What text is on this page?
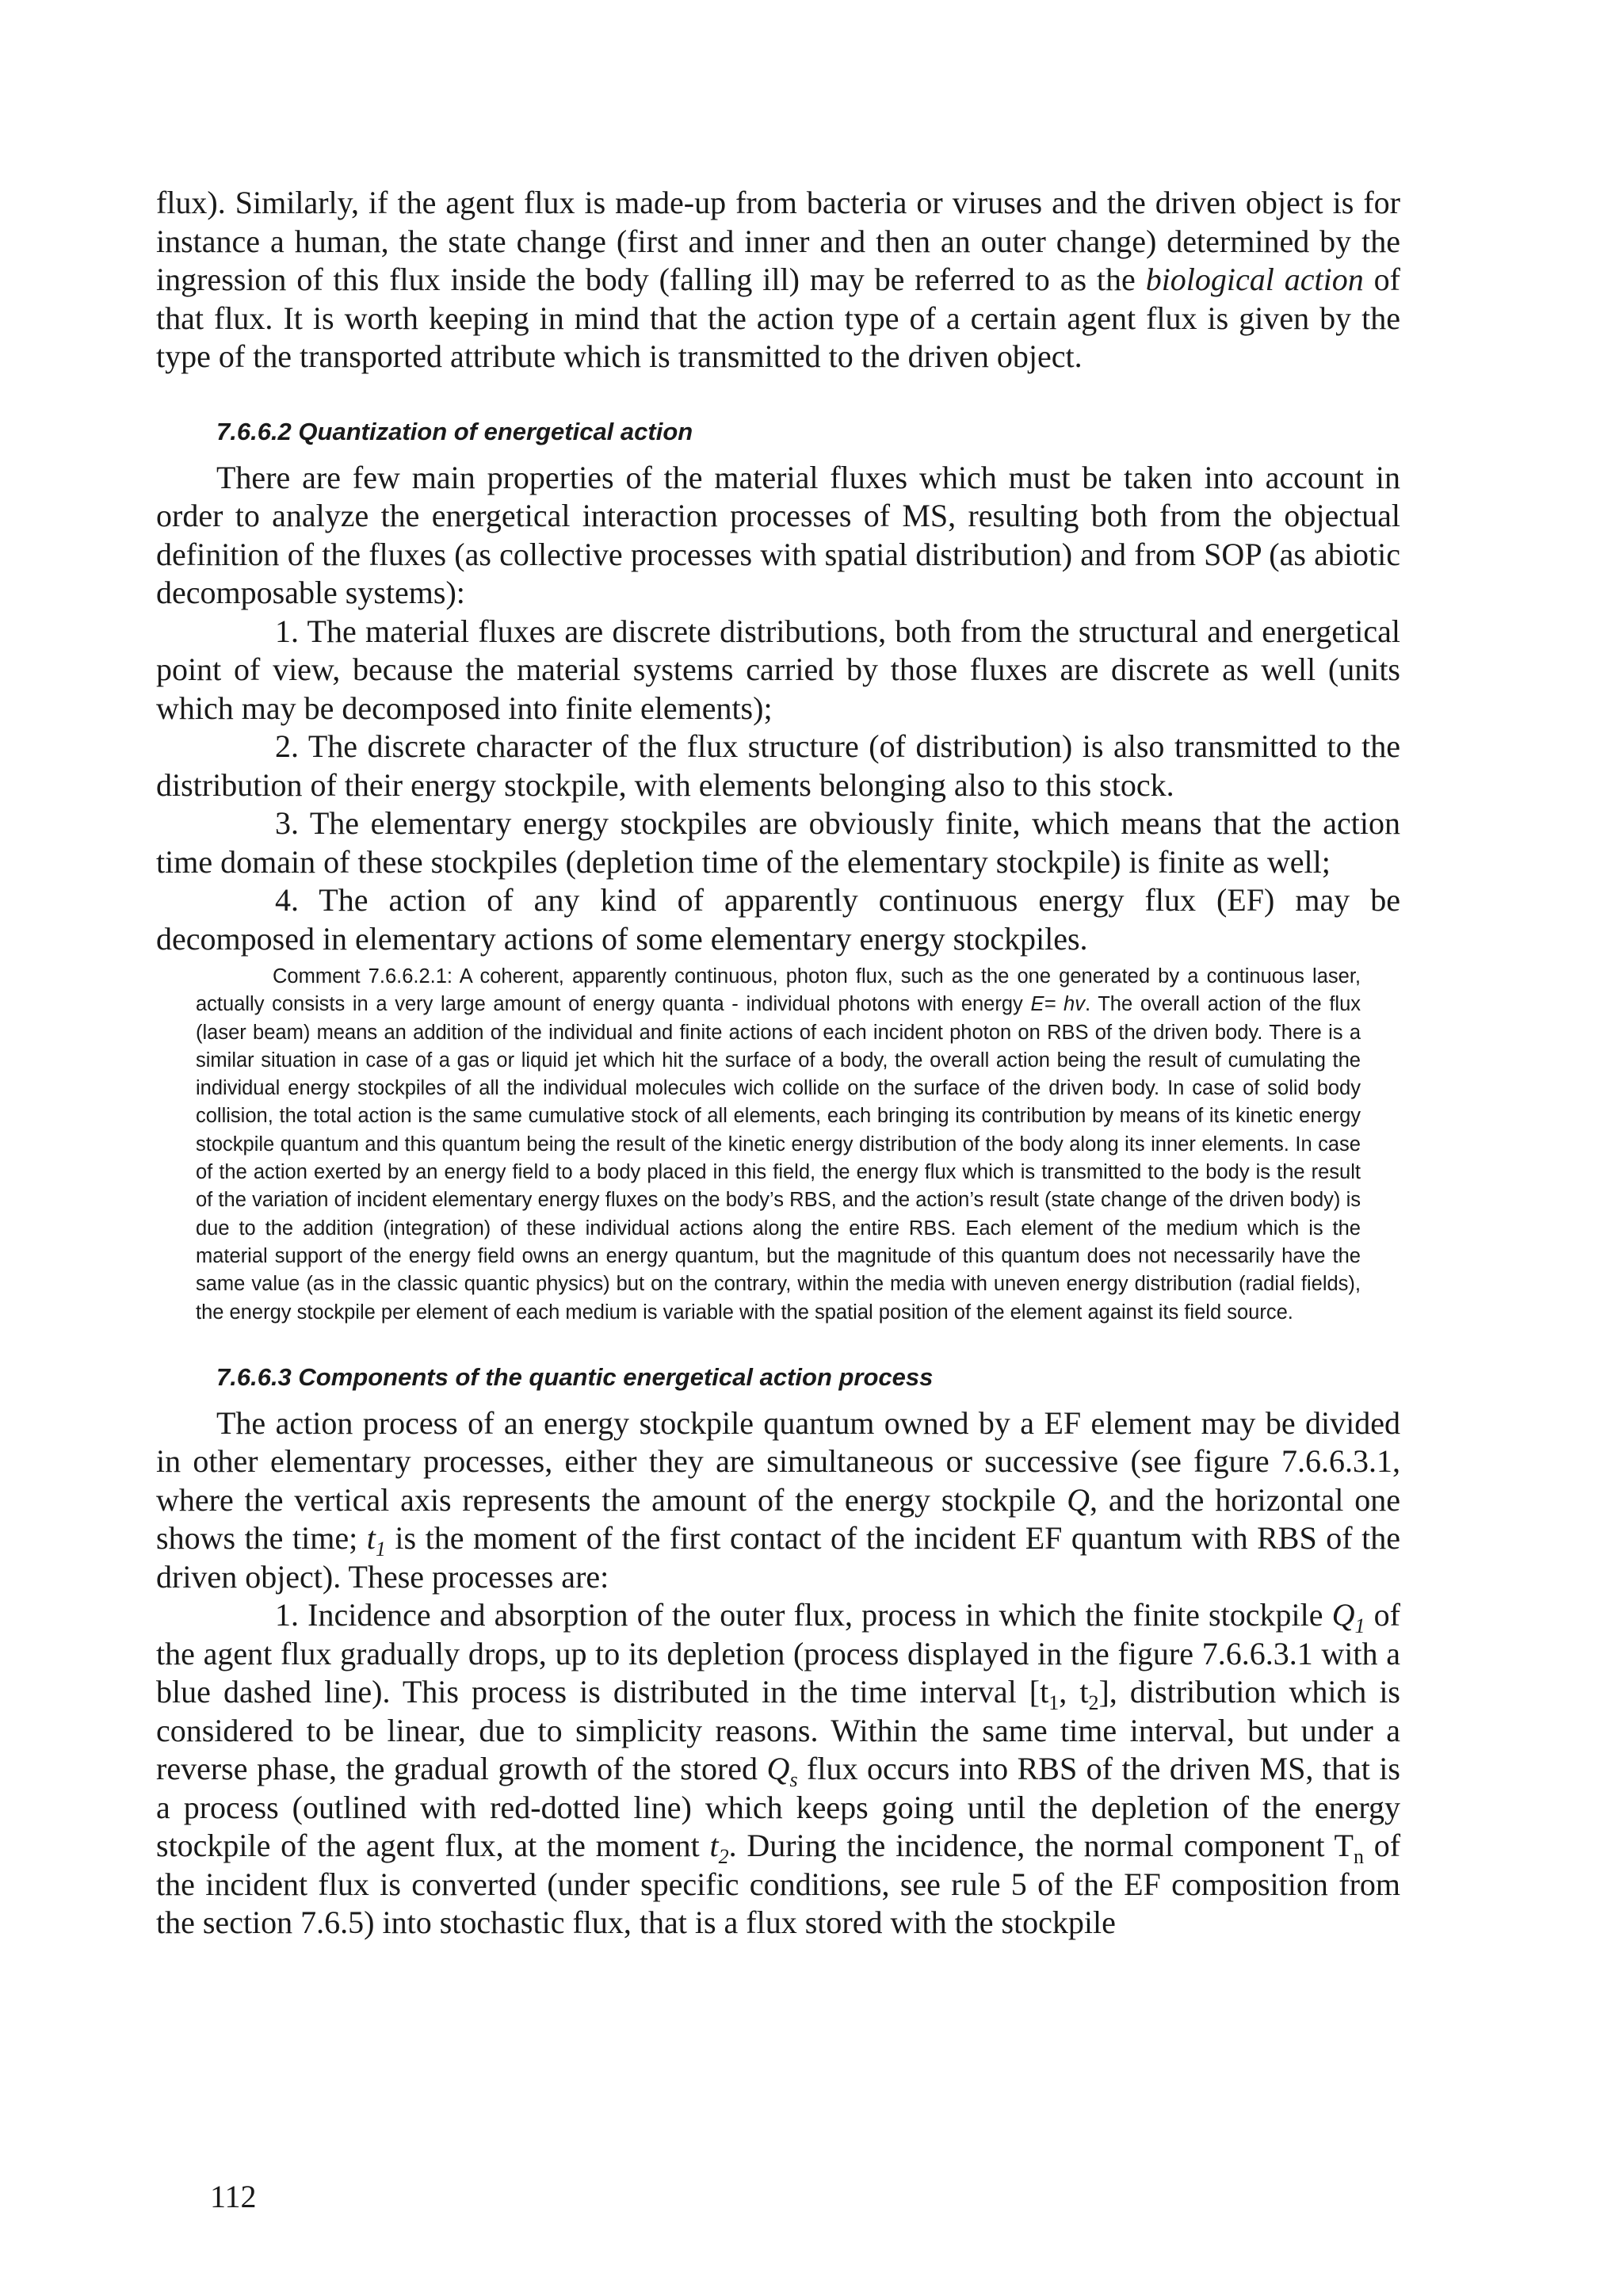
flux). Similarly, if the agent flux is made-up from bacteria or viruses and the driven object is for instance a human, the state change (first and inner and then an outer change) determined by the ingression of this flux inside the body (falling ill) may be referred to as the biological action of that flux. It is worth keeping in mind that the action type of a certain agent flux is given by the type of the transported attribute which is transmitted to the driven object.

7.6.6.2 Quantization of energetical action

There are few main properties of the material fluxes which must be taken into account in order to analyze the energetical interaction processes of MS, resulting both from the objectual definition of the fluxes (as collective processes with spatial distribution) and from SOP (as abiotic decomposable systems):

1. The material fluxes are discrete distributions, both from the structural and energetical point of view, because the material systems carried by those fluxes are discrete as well (units which may be decomposed into finite elements);

2. The discrete character of the flux structure (of distribution) is also transmitted to the distribution of their energy stockpile, with elements belonging also to this stock.

3. The elementary energy stockpiles are obviously finite, which means that the action time domain of these stockpiles (depletion time of the elementary stockpile) is finite as well;

4. The action of any kind of apparently continuous energy flux (EF) may be decomposed in elementary actions of some elementary energy stockpiles.

Comment 7.6.6.2.1: A coherent, apparently continuous, photon flux, such as the one generated by a continuous laser, actually consists in a very large amount of energy quanta - individual photons with energy E= hv. The overall action of the flux (laser beam) means an addition of the individual and finite actions of each incident photon on RBS of the driven body. There is a similar situation in case of a gas or liquid jet which hit the surface of a body, the overall action being the result of cumulating the individual energy stockpiles of all the individual molecules wich collide on the surface of the driven body. In case of solid body collision, the total action is the same cumulative stock of all elements, each bringing its contribution by means of its kinetic energy stockpile quantum and this quantum being the result of the kinetic energy distribution of the body along its inner elements. In case of the action exerted by an energy field to a body placed in this field, the energy flux which is transmitted to the body is the result of the variation of incident elementary energy fluxes on the body’s RBS, and the action’s result (state change of the driven body) is due to the addition (integration) of these individual actions along the entire RBS. Each element of the medium which is the material support of the energy field owns an energy quantum, but the magnitude of this quantum does not necessarily have the same value (as in the classic quantic physics) but on the contrary, within the media with uneven energy distribution (radial fields), the energy stockpile per element of each medium is variable with the spatial position of the element against its field source.

7.6.6.3 Components of the quantic energetical action process

The action process of an energy stockpile quantum owned by a EF element may be divided in other elementary processes, either they are simultaneous or successive (see figure 7.6.6.3.1, where the vertical axis represents the amount of the energy stockpile Q, and the horizontal one shows the time; $t_1$ is the moment of the first contact of the incident EF quantum with RBS of the driven object). These processes are:

1. Incidence and absorption of the outer flux, process in which the finite stockpile $Q_1$ of the agent flux gradually drops, up to its depletion (process displayed in the figure 7.6.6.3.1 with a blue dashed line). This process is distributed in the time interval [$t_1$, $t_2$], distribution which is considered to be linear, due to simplicity reasons. Within the same time interval, but under a reverse phase, the gradual growth of the stored $Q_s$ flux occurs into RBS of the driven MS, that is a process (outlined with red-dotted line) which keeps going until the depletion of the energy stockpile of the agent flux, at the moment $t_2$. During the incidence, the normal component $T_n$ of the incident flux is converted (under specific conditions, see rule 5 of the EF composition from the section 7.6.5) into stochastic flux, that is a flux stored with the stockpile

112
